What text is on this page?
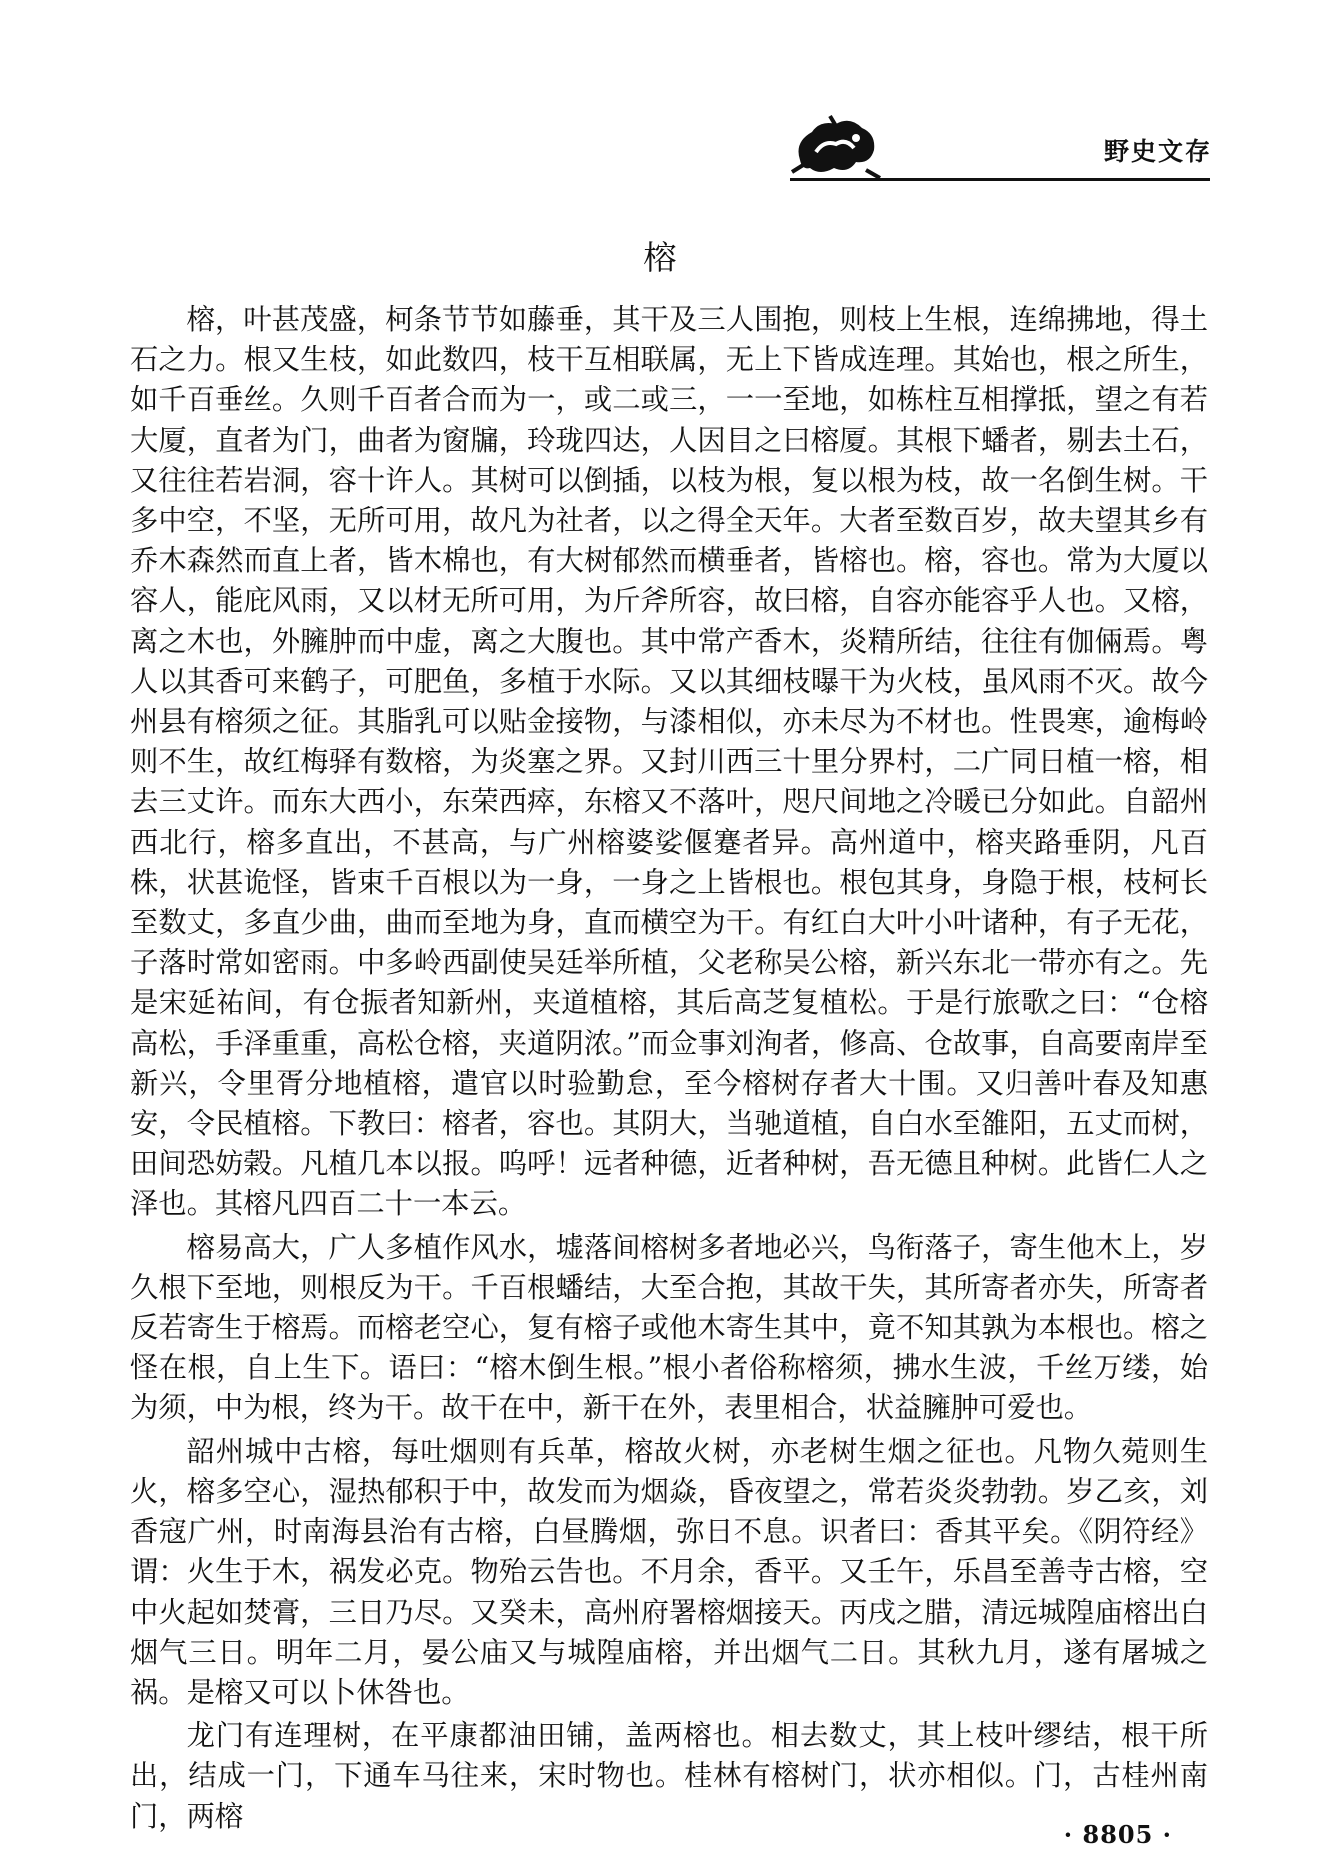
野史文存
榕

榕，叶甚茂盛，柯条节节如藤垂，其干及三人围抱，则枝上生根，连绵拂地，得土石之力。根又生枝，如此数四，枝干互相联属，无上下皆成连理。其始也，根之所生，如千百垂丝。久则千百者合而为一，或二或三，一一至地，如栋柱互相撑抵，望之有若大厦，直者为门，曲者为窗牖，玲珑四达，人因目之曰榕厦。其根下蟠者，剔去土石，又往往若岩洞，容十许人。其树可以倒插，以枝为根，复以根为枝，故一名倒生树。干多中空，不坚，无所可用，故凡为社者，以之得全天年。大者至数百岁，故夫望其乡有乔木森然而直上者，皆木棉也，有大树郁然而横垂者，皆榕也。榕，容也。常为大厦以容人，能庇风雨，又以材无所可用，为斤斧所容，故曰榕，自容亦能容乎人也。又榕，离之木也，外臃肿而中虚，离之大腹也。其中常产香木，炎精所结，往往有伽倆焉。粤人以其香可来鹤子，可肥鱼，多植于水际。又以其细枝曝干为火枝，虽风雨不灭。故今州县有榕须之征。其脂乳可以贴金接物，与漆相似，亦未尽为不材也。性畏寒，逾梅岭则不生，故红梅驿有数榕，为炎塞之界。又封川西三十里分界村，二广同日植一榕，相去三丈许。而东大西小，东荣西瘁，东榕又不落叶，咫尺间地之冷暖已分如此。自韶州西北行，榕多直出，不甚高，与广州榕婆娑偃蹇者异。高州道中，榕夹路垂阴，凡百株，状甚诡怪，皆束千百根以为一身，一身之上皆根也。根包其身，身隐于根，枝柯长至数丈，多直少曲，曲而至地为身，直而横空为干。有红白大叶小叶诸种，有子无花，子落时常如密雨。中多岭西副使吴廷举所植，父老称吴公榕，新兴东北一带亦有之。先是宋延祐间，有仓振者知新州，夹道植榕，其后高芝复植松。于是行旅歌之曰：“仓榕高松，手泽重重，高松仓榕，夹道阴浓。”而佥事刘洵者，修高、仓故事，自高要南岸至新兴，令里胥分地植榕，遣官以时验勤怠，至今榕树存者大十围。又归善叶春及知惠安，令民植榕。下教曰：榕者，容也。其阴大，当驰道植，自白水至雒阳，五丈而树，田间恐妨榖。凡植几本以报。呜呼！远者种德，近者种树，吾无德且种树。此皆仁人之泽也。其榕凡四百二十一本云。

榕易高大，广人多植作风水，墟落间榕树多者地必兴，鸟衔落子，寄生他木上，岁久根下至地，则根反为干。千百根蟠结，大至合抱，其故干失，其所寄者亦失，所寄者反若寄生于榕焉。而榕老空心，复有榕子或他木寄生其中，竟不知其孰为本根也。榕之怪在根，自上生下。语曰：“榕木倒生根。”根小者俗称榕须，拂水生波，千丝万缕，始为须，中为根，终为干。故干在中，新干在外，表里相合，状益臃肿可爱也。

韶州城中古榕，每吐烟则有兵革，榕故火树，亦老树生烟之征也。凡物久菀则生火，榕多空心，湿热郁积于中，故发而为烟焱，昏夜望之，常若炎炎勃勃。岁乙亥，刘香寇广州，时南海县治有古榕，白昼腾烟，弥日不息。识者曰：香其平矣。《阴符经》谓：火生于木，祸发必克。物殆云告也。不月余，香平。又壬午，乐昌至善寺古榕，空中火起如焚膏，三日乃尽。又癸未，高州府署榕烟接天。丙戌之腊，清远城隍庙榕出白烟气三日。明年二月，晏公庙又与城隍庙榕，并出烟气二日。其秋九月，遂有屠城之祸。是榕又可以卜休咎也。

龙门有连理树，在平康都油田铺，盖两榕也。相去数丈，其上枝叶缪结，根干所出，结成一门，下通车马往来，宋时物也。桂林有榕树门，状亦相似。门，古桂州南门，两榕

· 8805 ·
